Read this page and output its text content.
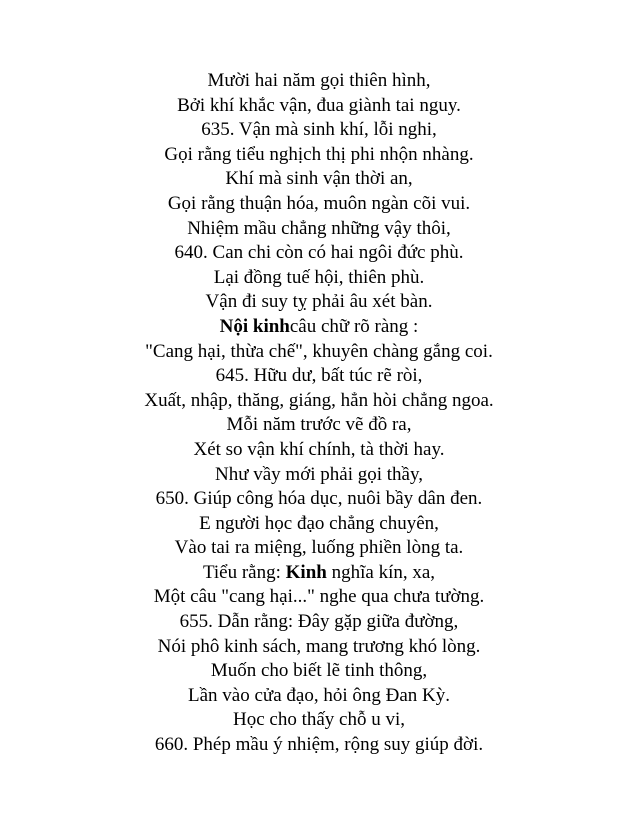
Mười hai năm gọi thiên hình,
Bởi khí khắc vận, đua giành tai nguy.
635. Vận mà sinh khí, lỗi nghi,
Gọi rằng tiểu nghịch thị phi nhộn nhàng.
Khí mà sinh vận thời an,
Gọi rằng thuận hóa, muôn ngàn cõi vui.
Nhiệm mầu chẳng những vậy thôi,
640. Can chi còn có hai ngôi đức phù.
Lại đồng tuế hội, thiên phù.
Vận đi suy tỵ phải âu xét bàn.
Nội kinhcâu chữ rõ ràng :
"Cang hại, thừa chế", khuyên chàng gắng coi.
645. Hữu dư, bất túc rẽ ròi,
Xuất, nhập, thăng, giáng, hẳn hòi chẳng ngoa.
Mỗi năm trước vẽ đồ ra,
Xét so vận khí chính, tà thời hay.
Như vầy mới phải gọi thầy,
650. Giúp công hóa dục, nuôi bầy dân đen.
E người học đạo chẳng chuyên,
Vào tai ra miệng, luống phiền lòng ta.
Tiểu rằng: Kinh nghĩa kín, xa,
Một câu "cang hại..." nghe qua chưa tường.
655. Dẫn rằng: Đây gặp giữa đường,
Nói phô kinh sách, mang trương khó lòng.
Muốn cho biết lẽ tinh thông,
Lần vào cửa đạo, hỏi ông Đan Kỳ.
Học cho thấy chỗ u vi,
660. Phép mầu ý nhiệm, rộng suy giúp đời.
